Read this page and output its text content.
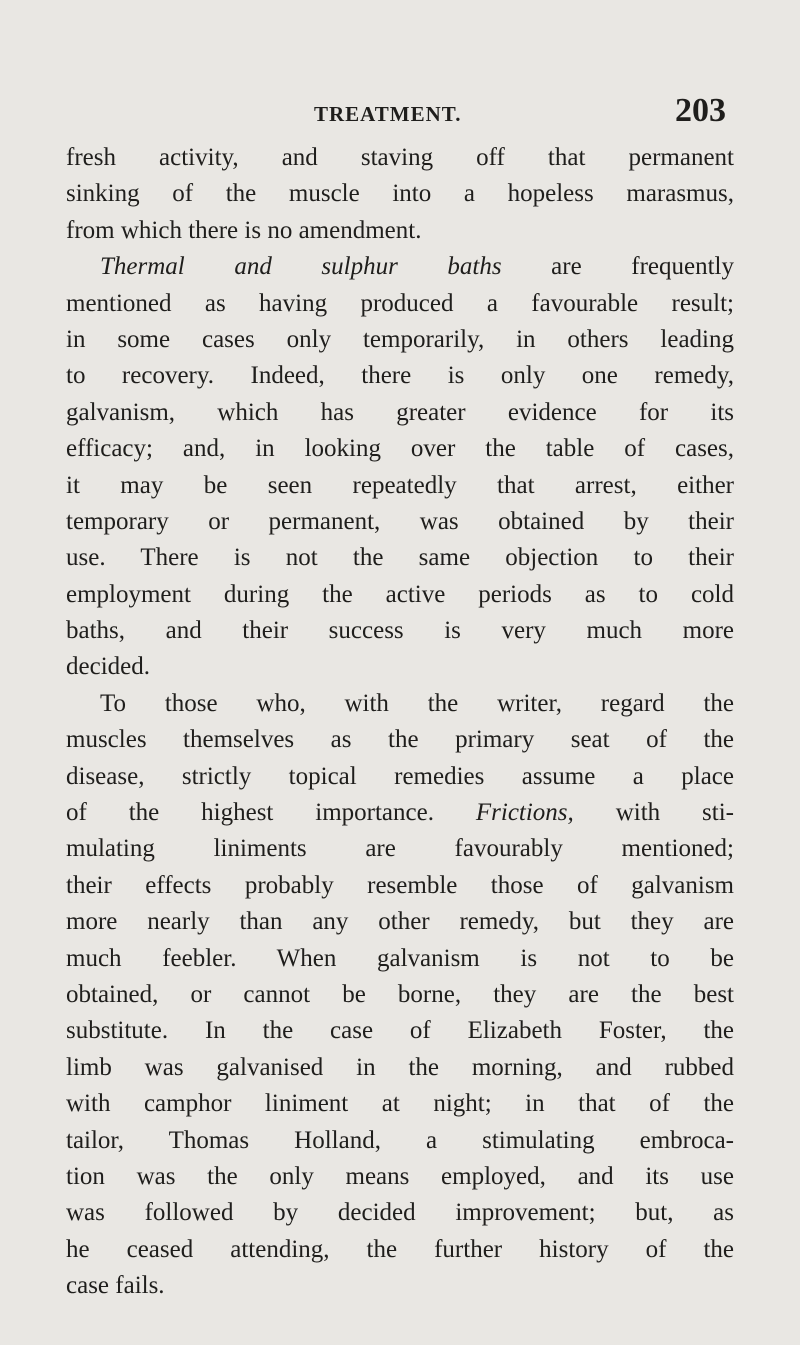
TREATMENT.	203
fresh activity, and staving off that permanent
sinking of the muscle into a hopeless marasmus,
from which there is no amendment.
Thermal and sulphur baths are frequently
mentioned as having produced a favourable result;
in some cases only temporarily, in others leading
to recovery. Indeed, there is only one remedy,
galvanism, which has greater evidence for its
efficacy; and, in looking over the table of cases,
it may be seen repeatedly that arrest, either
temporary or permanent, was obtained by their
use. There is not the same objection to their
employment during the active periods as to cold
baths, and their success is very much more
decided.
To those who, with the writer, regard the
muscles themselves as the primary seat of the
disease, strictly topical remedies assume a place
of the highest importance. Frictions, with sti-
mulating liniments are favourably mentioned;
their effects probably resemble those of galvanism
more nearly than any other remedy, but they are
much feebler. When galvanism is not to be
obtained, or cannot be borne, they are the best
substitute. In the case of Elizabeth Foster, the
limb was galvanised in the morning, and rubbed
with camphor liniment at night; in that of the
tailor, Thomas Holland, a stimulating embroca-
tion was the only means employed, and its use
was followed by decided improvement; but, as
he ceased attending, the further history of the
case fails.
